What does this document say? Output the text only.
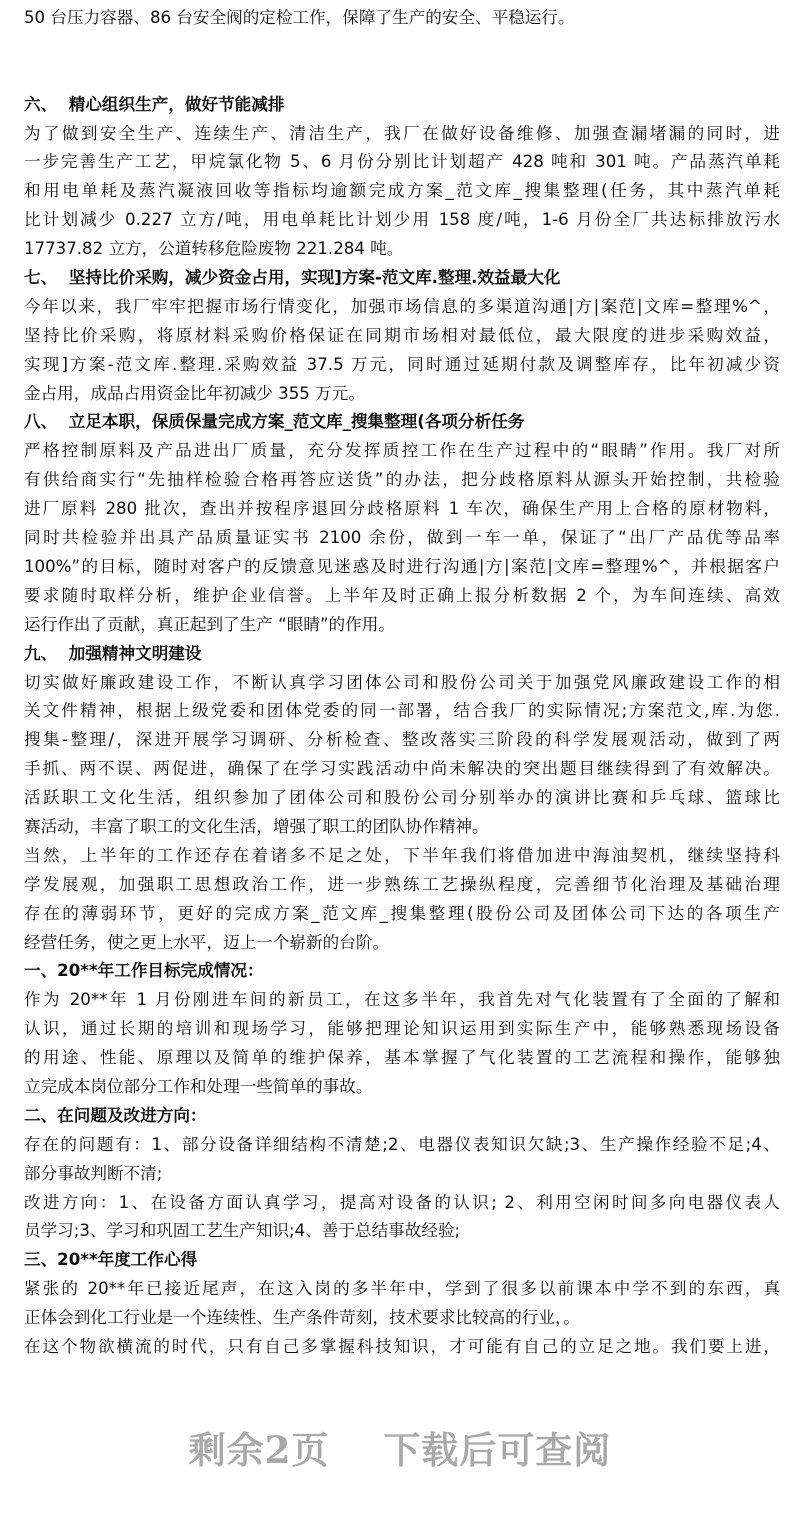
50 台压力容器、86 台安全阀的定检工作，保障了生产的安全、平稳运行。
六、  精心组织生产，做好节能减排
为了做到安全生产、连续生产、清洁生产，我厂在做好设备维修、加强查漏堵漏的同时，进
一步完善生产工艺，甲烷氯化物 5、6 月份分别比计划超产 428 吨和 301 吨。产品蒸汽单耗
和用电单耗及蒸汽凝液回收等指标均逾额完成方案_范文库_搜集整理(任务，其中蒸汽单耗
比计划减少 0.227 立方/吨，用电单耗比计划少用 158 度/吨，1-6 月份全厂共达标排放污水
17737.82 立方，公道转移危险废物 221.284 吨。
七、  坚持比价采购，减少资金占用，实现]方案-范文库.整理.效益最大化
今年以来，我厂牢牢把握市场行情变化，加强市场信息的多渠道沟通|方|案范|文库=整理%^，
坚持比价采购，将原材料采购价格保证在同期市场相对最低位，最大限度的进步采购效益，
实现]方案-范文库.整理.采购效益 37.5 万元，同时通过延期付款及调整库存，比年初减少资
金占用，成品占用资金比年初减少 355 万元。
八、  立足本职，保质保量完成方案_范文库_搜集整理(各项分析任务
严格控制原料及产品进出厂质量，充分发挥质控工作在生产过程中的“眼睛”作用。我厂对所
有供给商实行“先抽样检验合格再答应送货”的办法，把分歧格原料从源头开始控制，共检验
进厂原料 280 批次，查出并按程序退回分歧格原料 1 车次，确保生产用上合格的原材物料，
同时共检验并出具产品质量证实书 2100 余份，做到一车一单，保证了“出厂产品优等品率
100%”的目标，随时对客户的反馈意见迷惑及时进行沟通|方|案范|文库=整理%^，并根据客户
要求随时取样分析，维护企业信誉。上半年及时正确上报分析数据 2 个，为车间连续、高效
运行作出了贡献，真正起到了生产 “眼睛”的作用。
九、  加强精神文明建设
切实做好廉政建设工作，不断认真学习团体公司和股份公司关于加强党风廉政建设工作的相
关文件精神，根据上级党委和团体党委的同一部署，结合我厂的实际情况;方案范文,库.为您.
搜集-整理/，深进开展学习调研、分析检查、整改落实三阶段的科学发展观活动，做到了两
手抓、两不误、两促进，确保了在学习实践活动中尚未解决的突出题目继续得到了有效解决。
活跃职工文化生活，组织参加了团体公司和股份公司分别举办的演讲比赛和乒乓球、篮球比
赛活动，丰富了职工的文化生活，增强了职工的团队协作精神。
当然，上半年的工作还存在着诸多不足之处，下半年我们将借加进中海油契机，继续坚持科
学发展观，加强职工思想政治工作，进一步熟练工艺操纵程度，完善细节化治理及基础治理
存在的薄弱环节，更好的完成方案_范文库_搜集整理(股份公司及团体公司下达的各项生产
经营任务，使之更上水平，迈上一个崭新的台阶。
一、20**年工作目标完成情况：
作为 20**年 1 月份刚进车间的新员工，在这多半年，我首先对气化装置有了全面的了解和
认识，通过长期的培训和现场学习，能够把理论知识运用到实际生产中，能够熟悉现场设备
的用途、性能、原理以及简单的维护保养，基本掌握了气化装置的工艺流程和操作，能够独
立完成本岗位部分工作和处理一些简单的事故。
二、在问题及改进方向：
存在的问题有：1、部分设备详细结构不清楚;2、电器仪表知识欠缺;3、生产操作经验不足;4、
部分事故判断不清;
改进方向：1、在设备方面认真学习，提高对设备的认识; 2、利用空闲时间多向电器仪表人
员学习;3、学习和巩固工艺生产知识;4、善于总结事故经验;
三、20**年度工作心得
紧张的 20**年已接近尾声，在这入岗的多半年中，学到了很多以前课本中学不到的东西，真
正体会到化工行业是一个连续性、生产条件苛刻，技术要求比较高的行业，。
在这个物欲横流的时代，只有自己多掌握科技知识，才可能有自己的立足之地。我们要上进，
剩余2页 下载后可查阅
